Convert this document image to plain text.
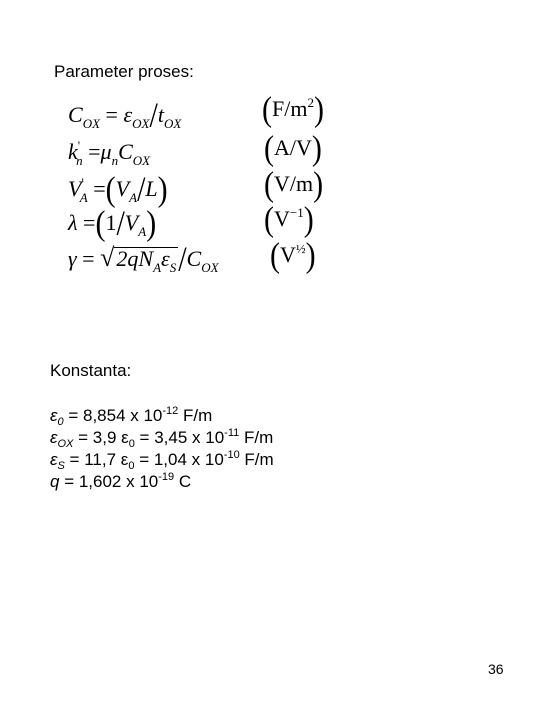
Parameter proses:
$C_{OX} = \varepsilon_{OX}/t_{OX}$
$k'_n =\mu_nC_{OX}$
$V'_A =(V_A/L)$
$\lambda =(1/V_A)$
$\gamma = √2qN_A\varepsilon_S/C_{OX}$
$(F/m^2)$
(A/V)
(V/m)
$(V^{-1})$
$(V^{\frac{1}{2}})$
Konstanta:
$\varepsilon_0 = 8,854$ x $10^{-12}$ F/m
$\varepsilon_{OX} = 3,9$ $\varepsilon_0 = 3,45$ x $10^{-11}$ F/m
$\varepsilon_S = 11,7$ $\varepsilon_0 = 1,04$ x $10^{-10}$ F/m
q = 1,602 x $10^{-19}$ C
36
